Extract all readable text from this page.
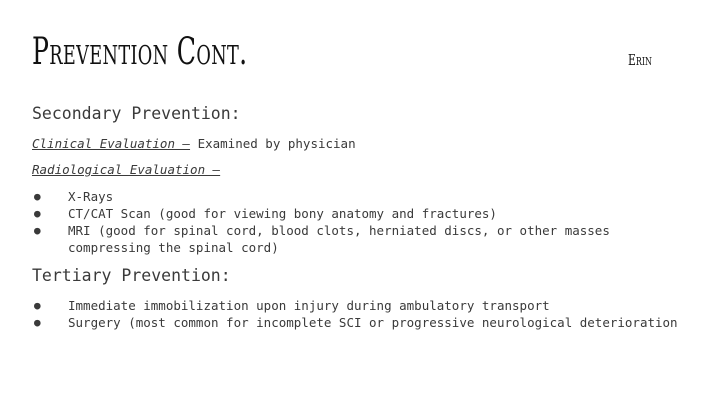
Prevention Cont.	Erin
Secondary Prevention:
Clinical Evaluation – Examined by physician
Radiological Evaluation –
● X-Rays
● CT/CAT Scan (good for viewing bony anatomy and fractures)
● MRI (good for spinal cord, blood clots, herniated discs, or other masses compressing the spinal cord)
Tertiary Prevention:
● Immediate immobilization upon injury during ambulatory transport
● Surgery (most common for incomplete SCI or progressive neurological deterioration
